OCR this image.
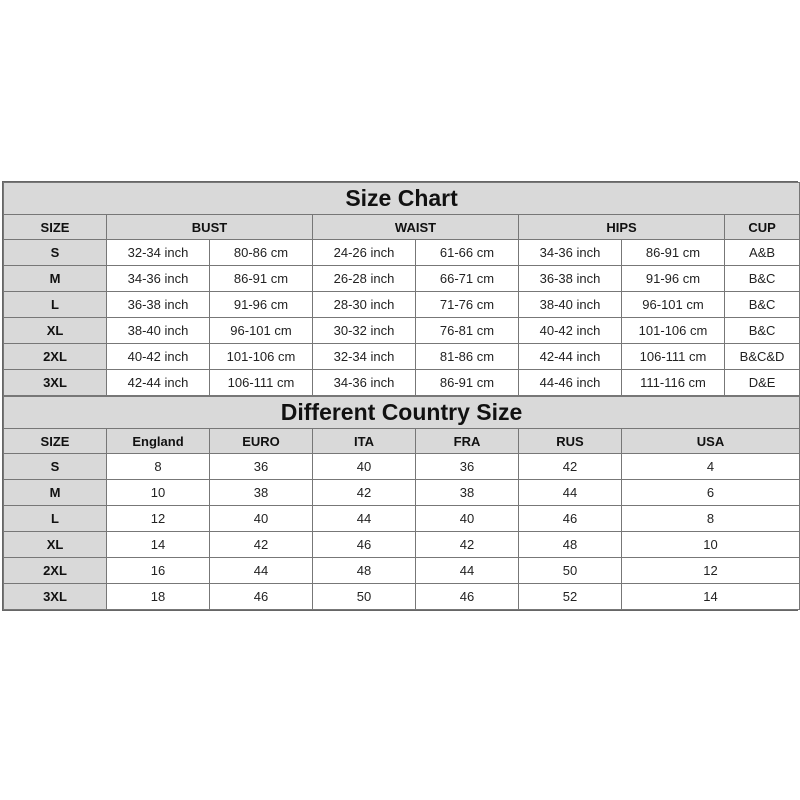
Size Chart							
SIZE	BUST		WAIST		HIPS		CUP
S	32-34 inch	80-86 cm	24-26 inch	61-66 cm	34-36 inch	86-91 cm	A&B
M	34-36 inch	86-91 cm	26-28 inch	66-71 cm	36-38 inch	91-96 cm	B&C
L	36-38 inch	91-96 cm	28-30 inch	71-76 cm	38-40 inch	96-101 cm	B&C
XL	38-40 inch	96-101 cm	30-32 inch	76-81 cm	40-42 inch	101-106 cm	B&C
2XL	40-42 inch	101-106 cm	32-34 inch	81-86 cm	42-44 inch	106-111 cm	B&C&D
3XL	42-44 inch	106-111 cm	34-36 inch	86-91 cm	44-46 inch	111-116 cm	D&E
Different Country Size						
SIZE	England	EURO	ITA	FRA	RUS	USA
S	8	36	40	36	42	4
M	10	38	42	38	44	6
L	12	40	44	40	46	8
XL	14	42	46	42	48	10
2XL	16	44	48	44	50	12
3XL	18	46	50	46	52	14
